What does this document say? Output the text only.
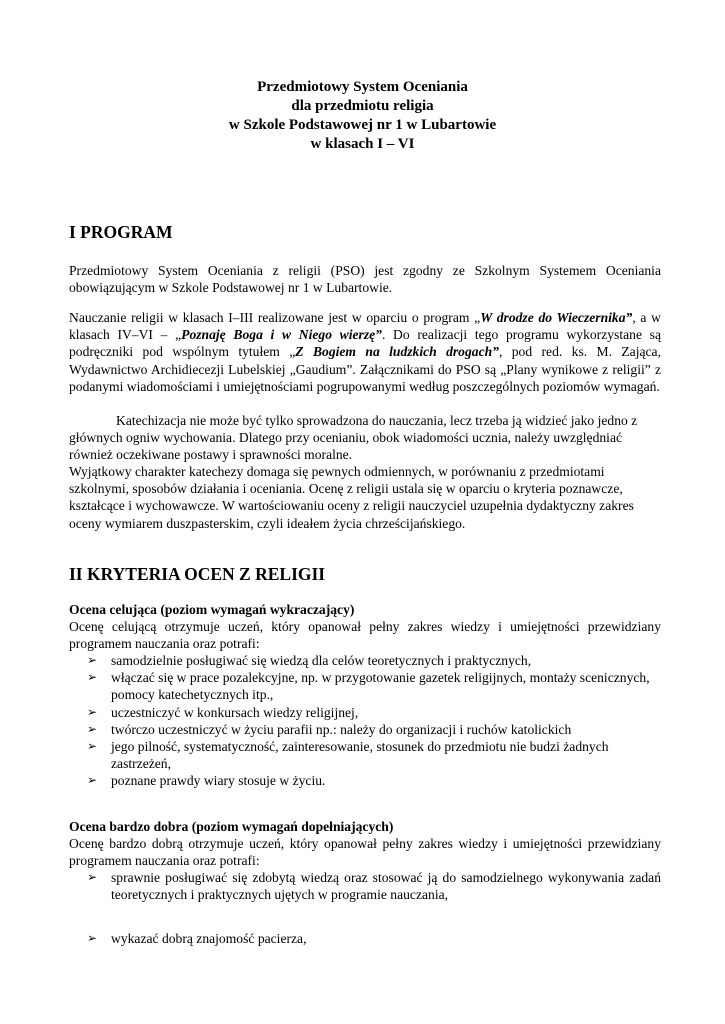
Przedmiotowy System Oceniania
dla przedmiotu religia
w Szkole Podstawowej nr 1 w Lubartowie
w klasach I – VI
I PROGRAM
Przedmiotowy System Oceniania z religii (PSO) jest zgodny ze Szkolnym Systemem Oceniania obowiązującym w Szkole Podstawowej nr 1 w Lubartowie.
Nauczanie religii w klasach I–III realizowane jest w oparciu o program „W drodze do Wieczernika”, a w klasach IV–VI – „Poznaję Boga i w Niego wierzę”. Do realizacji tego programu wykorzystane są podręczniki pod wspólnym tytułem „Z Bogiem na ludzkich drogach”, pod red. ks. M. Zająca, Wydawnictwo Archidiecezji Lubelskiej „Gaudium”. Załącznikami do PSO są „Plany wynikowe z religii” z podanymi wiadomościami i umiejętnościami pogrupowanymi według poszczególnych poziomów wymagań.
Katechizacja nie może być tylko sprowadzona do nauczania, lecz trzeba ją widzieć jako jedno z głównych ogniw wychowania. Dlatego przy ocenianiu, obok wiadomości ucznia, należy uwzględniać również oczekiwane postawy i sprawności moralne.
Wyjątkowy charakter katechezy domaga się pewnych odmiennych, w porównaniu z przedmiotami szkolnymi, sposobów działania i oceniania. Ocenę z religii ustala się w oparciu o kryteria poznawcze, kształcące i wychowawcze. W wartościowaniu oceny z religii nauczyciel uzupełnia dydaktyczny zakres oceny wymiarem duszpasterskim, czyli ideałem życia chrześcijańskiego.
II KRYTERIA OCEN Z RELIGII
Ocena celująca (poziom wymagań wykraczający)
Ocenę celującą otrzymuje uczeń, który opanował pełny zakres wiedzy i umiejętności przewidziany programem nauczania oraz potrafi:
➢ samodzielnie posługiwać się wiedzą dla celów teoretycznych i praktycznych,
➢ włączać się w prace pozalekcyjne, np. w przygotowanie gazetek religijnych, montaży scenicznych, pomocy katechetycznych itp.,
➢ uczestniczyć w konkursach wiedzy religijnej,
➢ twórczo uczestniczyć w życiu parafii np.: należy do organizacji i ruchów katolickich
➢ jego pilność, systematyczność, zainteresowanie, stosunek do przedmiotu nie budzi żadnych zastrzeżeń,
➢ poznane prawdy wiary stosuje w życiu.
Ocena bardzo dobra (poziom wymagań dopełniających)
Ocenę bardzo dobrą otrzymuje uczeń, który opanował pełny zakres wiedzy i umiejętności przewidziany programem nauczania oraz potrafi:
➢ sprawnie posługiwać się zdobytą wiedzą oraz stosować ją do samodzielnego wykonywania zadań teoretycznych i praktycznych ujętych w programie nauczania,
➢ wykazać dobrą znajomość pacierza,
